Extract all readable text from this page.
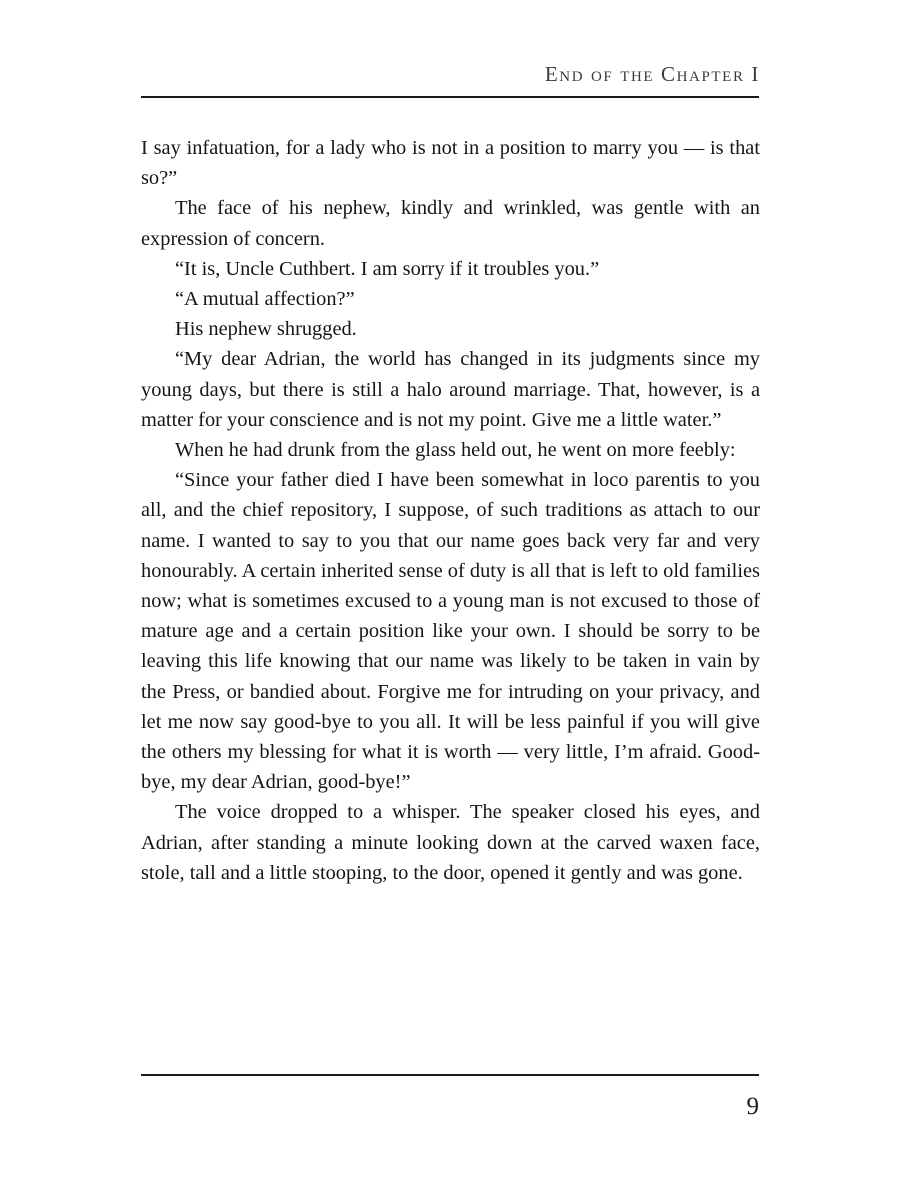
End of the Chapter I

I say infatuation, for a lady who is not in a position to marry you — is that so?”

The face of his nephew, kindly and wrinkled, was gentle with an expression of concern.

“It is, Uncle Cuthbert. I am sorry if it troubles you.”

“A mutual affection?”

His nephew shrugged.

“My dear Adrian, the world has changed in its judgments since my young days, but there is still a halo around marriage. That, however, is a matter for your conscience and is not my point. Give me a little water.”

When he had drunk from the glass held out, he went on more feebly:

“Since your father died I have been somewhat in loco parentis to you all, and the chief repository, I suppose, of such traditions as attach to our name. I wanted to say to you that our name goes back very far and very honourably. A certain inherited sense of duty is all that is left to old families now; what is sometimes excused to a young man is not excused to those of mature age and a certain position like your own. I should be sorry to be leaving this life knowing that our name was likely to be taken in vain by the Press, or bandied about. Forgive me for intruding on your privacy, and let me now say good-bye to you all. It will be less painful if you will give the others my blessing for what it is worth — very little, I’m afraid. Good-bye, my dear Adrian, good-bye!”

The voice dropped to a whisper. The speaker closed his eyes, and Adrian, after standing a minute looking down at the carved waxen face, stole, tall and a little stooping, to the door, opened it gently and was gone.

9
